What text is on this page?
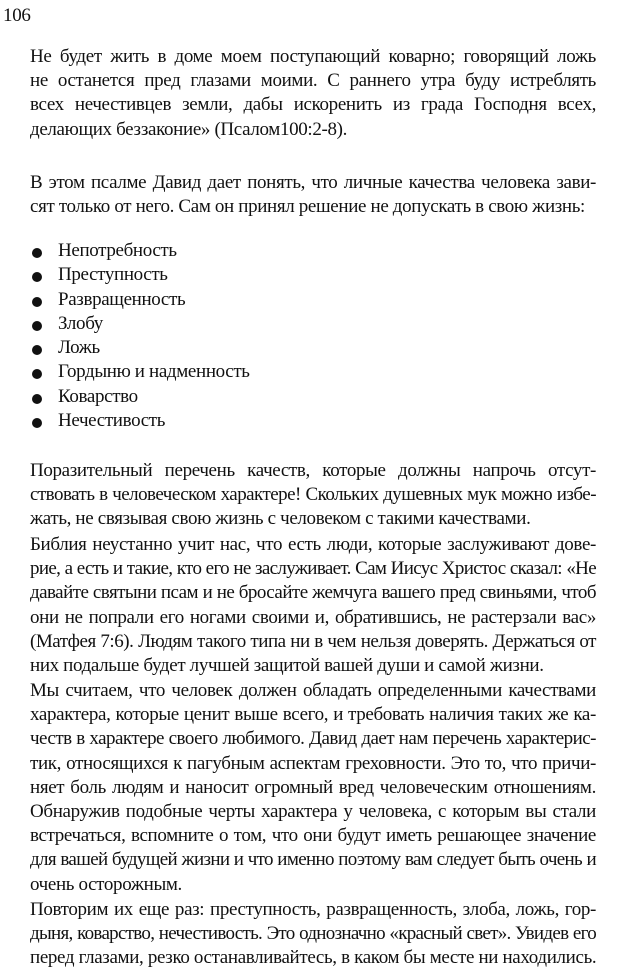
106
Не будет жить в доме моем поступающий коварно; говорящий ложь
не останется пред глазами моими. С раннего утра буду истреблять
всех нечестивцев земли, дабы искоренить из града Господня всех,
делающих беззаконие» (Псалом100:2-8).
В этом псалме Давид дает понять, что личные качества человека зави-
сят только от него. Сам он принял решение не допускать в свою жизнь:
Непотребность
Преступность
Развращенность
Злобу
Ложь
Гордыню и надменность
Коварство
Нечестивость
Поразительный перечень качеств, которые должны напрочь отсут-
ствовать в человеческом характере! Скольких душевных мук можно избе-
жать, не связывая свою жизнь с человеком с такими качествами.
Библия неустанно учит нас, что есть люди, которые заслуживают дове-
рие, а есть и такие, кто его не заслуживает. Сам Иисус Христос сказал: «Не
давайте святыни псам и не бросайте жемчуга вашего пред свиньями, чтоб
они не попрали его ногами своими и, обратившись, не растерзали вас»
(Матфея 7:6). Людям такого типа ни в чем нельзя доверять. Держаться от
них подальше будет лучшей защитой вашей души и самой жизни.
Мы считаем, что человек должен обладать определенными качествами
характера, которые ценит выше всего, и требовать наличия таких же ка-
честв в характере своего любимого. Давид дает нам перечень характерис-
тик, относящихся к пагубным аспектам греховности. Это то, что причи-
няет боль людям и наносит огромный вред человеческим отношениям.
Обнаружив подобные черты характера у человека, с которым вы стали
встречаться, вспомните о том, что они будут иметь решающее значение
для вашей будущей жизни и что именно поэтому вам следует быть очень и
очень осторожным.
Повторим их еще раз: преступность, развращенность, злоба, ложь, гор-
дыня, коварство, нечестивость. Это однозначно «красный свет». Увидев его
перед глазами, резко останавливайтесь, в каком бы месте ни находились.
